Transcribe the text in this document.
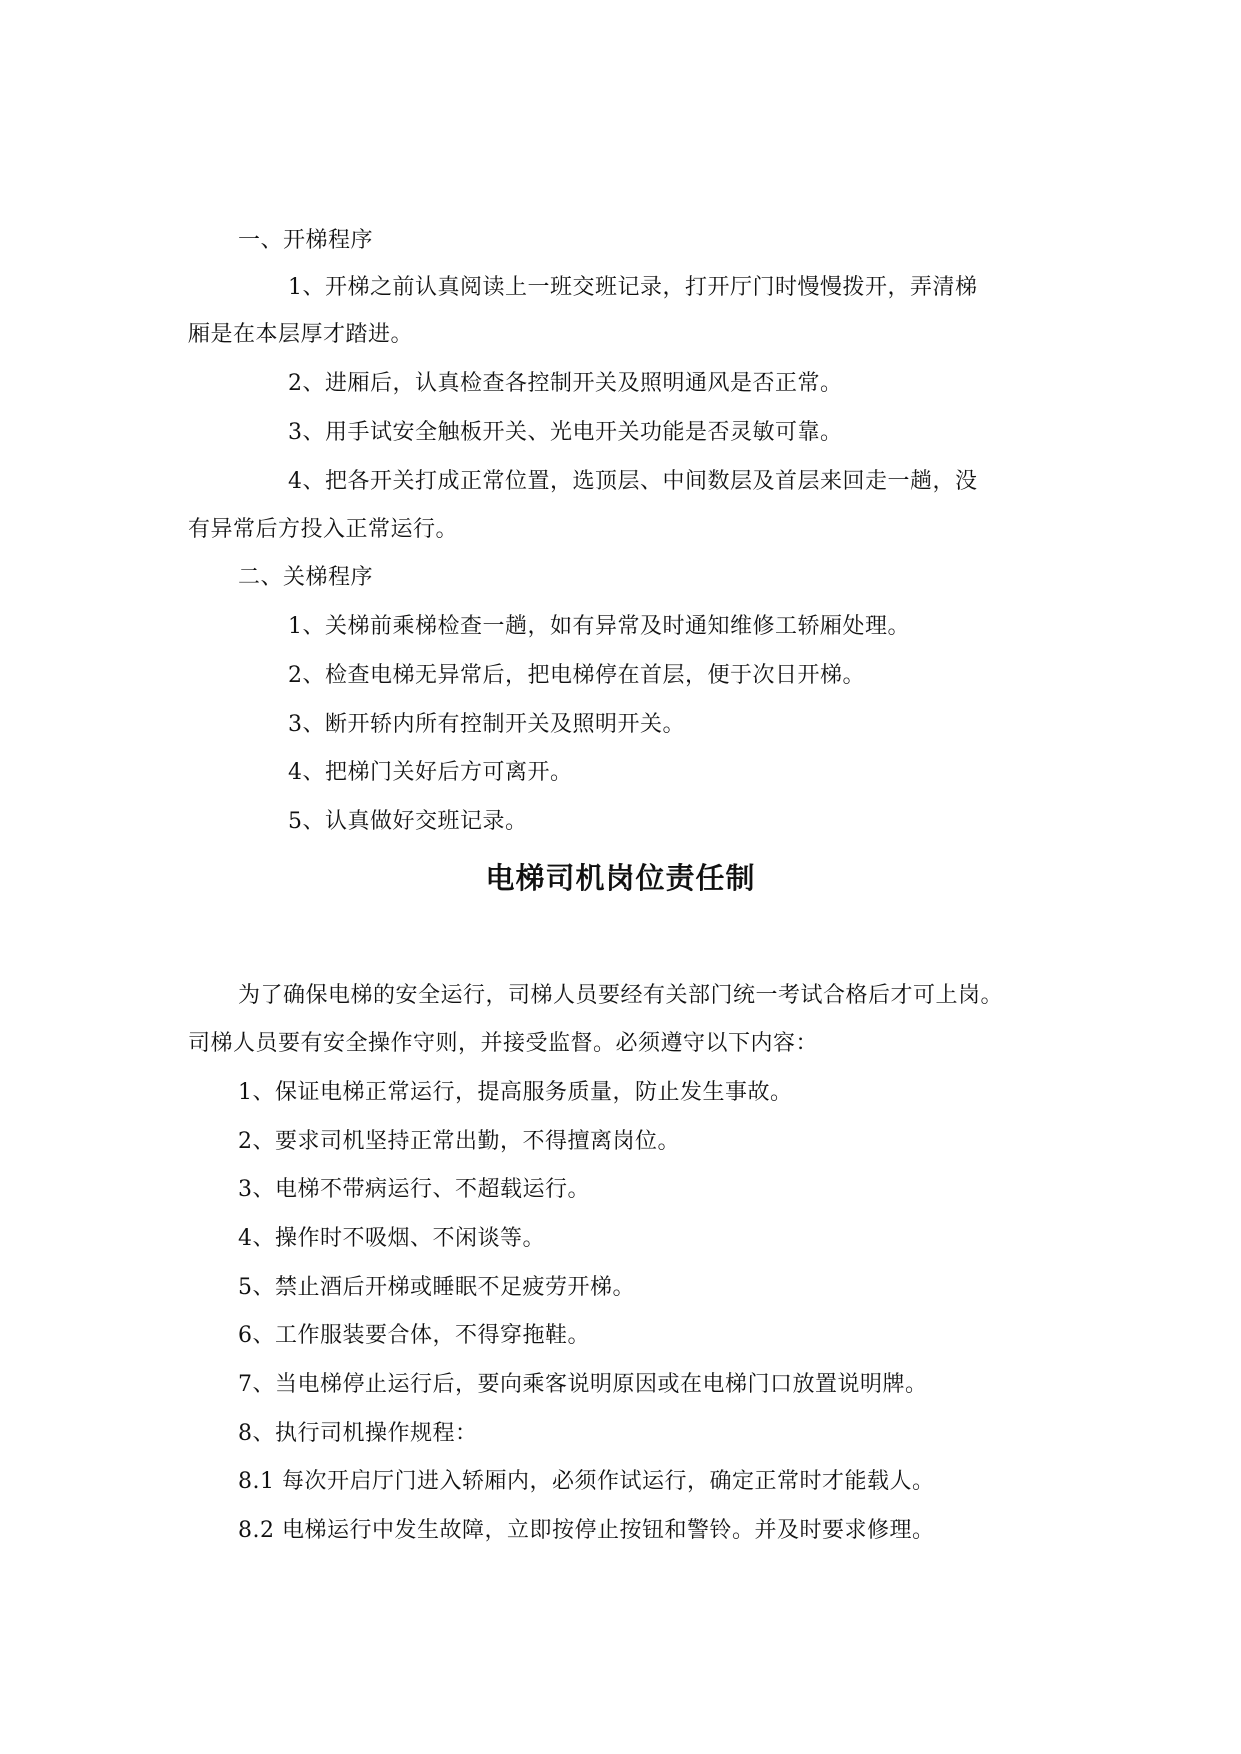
一、开梯程序
1、开梯之前认真阅读上一班交班记录，打开厅门时慢慢拨开，弄清梯
厢是在本层厚才踏进。
2、进厢后，认真检查各控制开关及照明通风是否正常。
3、用手试安全触板开关、光电开关功能是否灵敏可靠。
4、把各开关打成正常位置，选顶层、中间数层及首层来回走一趟，没
有异常后方投入正常运行。
二、关梯程序
1、关梯前乘梯检查一趟，如有异常及时通知维修工轿厢处理。
2、检查电梯无异常后，把电梯停在首层，便于次日开梯。
3、断开轿内所有控制开关及照明开关。
4、把梯门关好后方可离开。
5、认真做好交班记录。
电梯司机岗位责任制
为了确保电梯的安全运行，司梯人员要经有关部门统一考试合格后才可上岗。
司梯人员要有安全操作守则，并接受监督。必须遵守以下内容：
1、保证电梯正常运行，提高服务质量，防止发生事故。
2、要求司机坚持正常出勤，不得擅离岗位。
3、电梯不带病运行、不超载运行。
4、操作时不吸烟、不闲谈等。
5、禁止酒后开梯或睡眠不足疲劳开梯。
6、工作服装要合体，不得穿拖鞋。
7、当电梯停止运行后，要向乘客说明原因或在电梯门口放置说明牌。
8、执行司机操作规程：
8.1 每次开启厅门进入轿厢内，必须作试运行，确定正常时才能载人。
8.2 电梯运行中发生故障，立即按停止按钮和警铃。并及时要求修理。
